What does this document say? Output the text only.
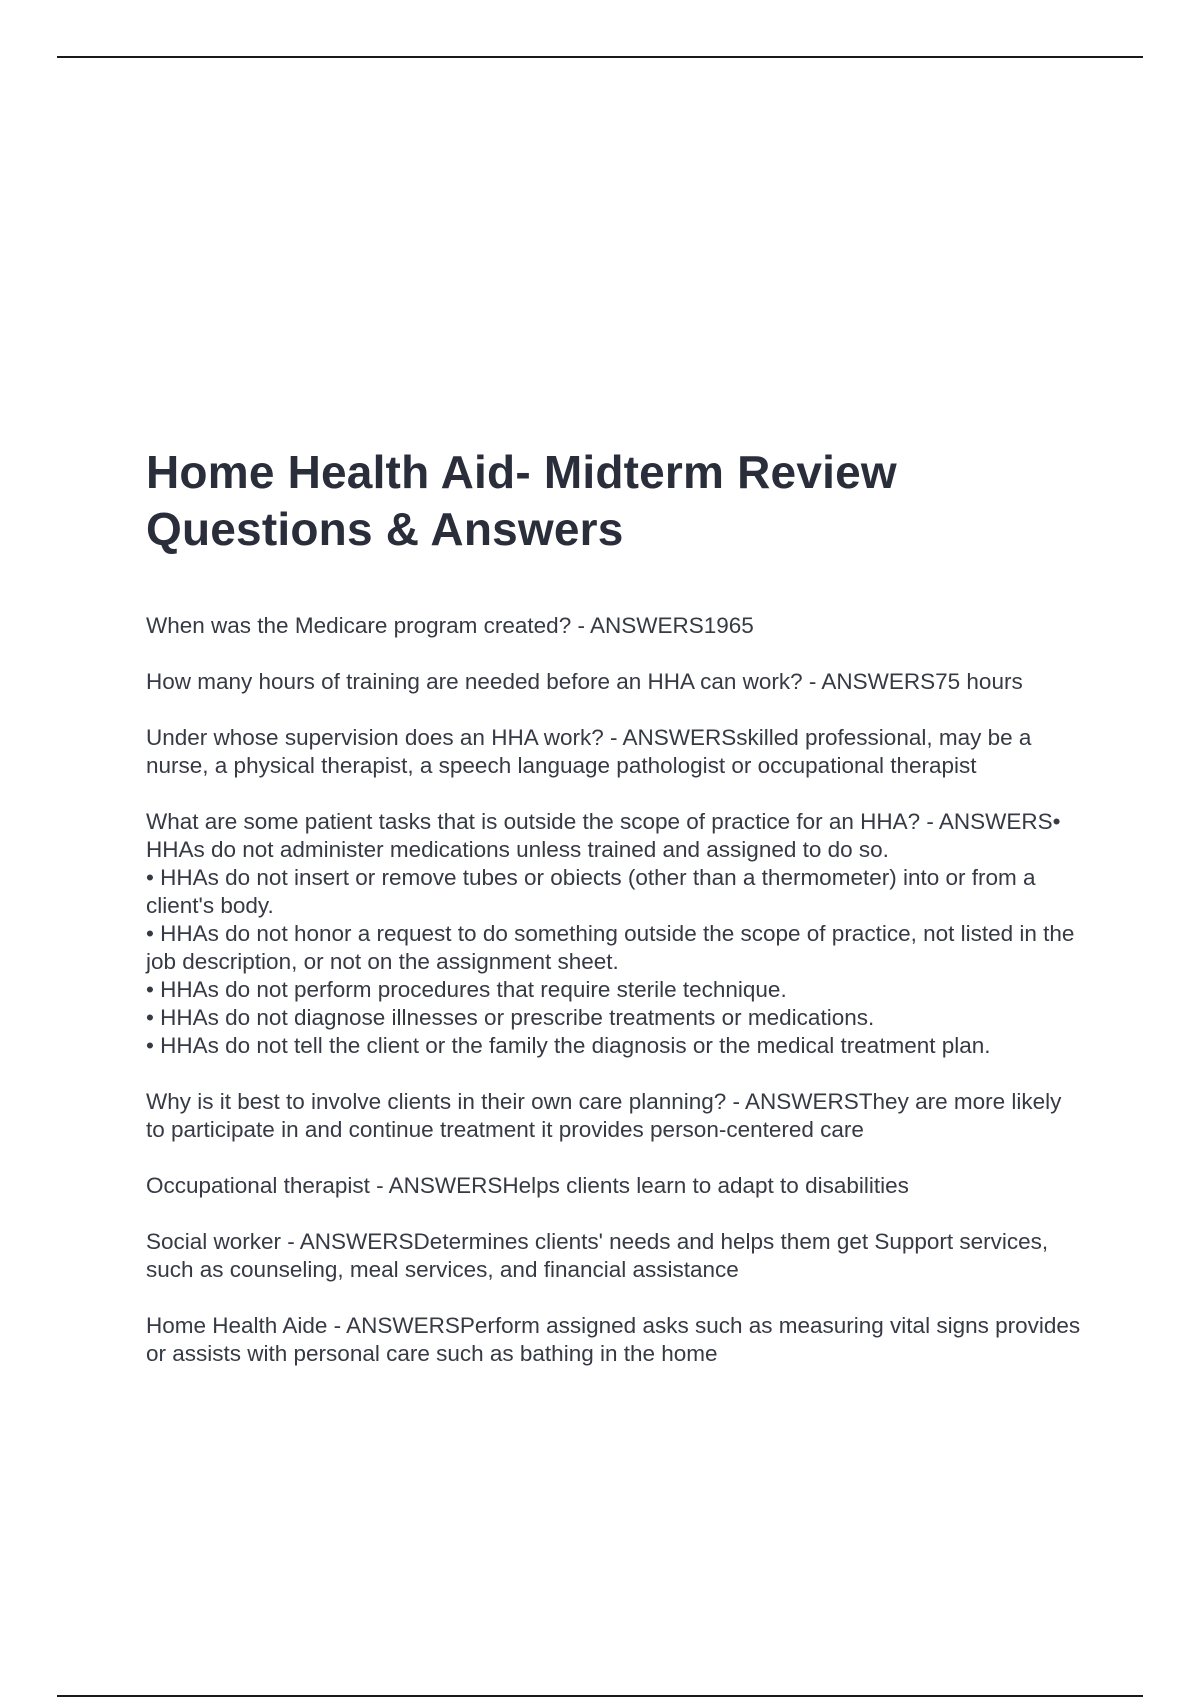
Home Health Aid- Midterm Review Questions & Answers

When was the Medicare program created? - ANSWERS1965

How many hours of training are needed before an HHA can work? - ANSWERS75 hours

Under whose supervision does an HHA work? - ANSWERSskilled professional, may be a nurse, a physical therapist, a speech language pathologist or occupational therapist

What are some patient tasks that is outside the scope of practice for an HHA? - ANSWERS• HHAs do not administer medications unless trained and assigned to do so.
• HHAs do not insert or remove tubes or obiects (other than a thermometer) into or from a client's body.
• HHAs do not honor a request to do something outside the scope of practice, not listed in the job description, or not on the assignment sheet.
• HHAs do not perform procedures that require sterile technique.
• HHAs do not diagnose illnesses or prescribe treatments or medications.
• HHAs do not tell the client or the family the diagnosis or the medical treatment plan.

Why is it best to involve clients in their own care planning? - ANSWERSThey are more likely to participate in and continue treatment it provides person-centered care

Occupational therapist - ANSWERSHelps clients learn to adapt to disabilities

Social worker - ANSWERSDetermines clients' needs and helps them get Support services, such as counseling, meal services, and financial assistance

Home Health Aide - ANSWERSPerform assigned asks such as measuring vital signs provides or assists with personal care such as bathing in the home
